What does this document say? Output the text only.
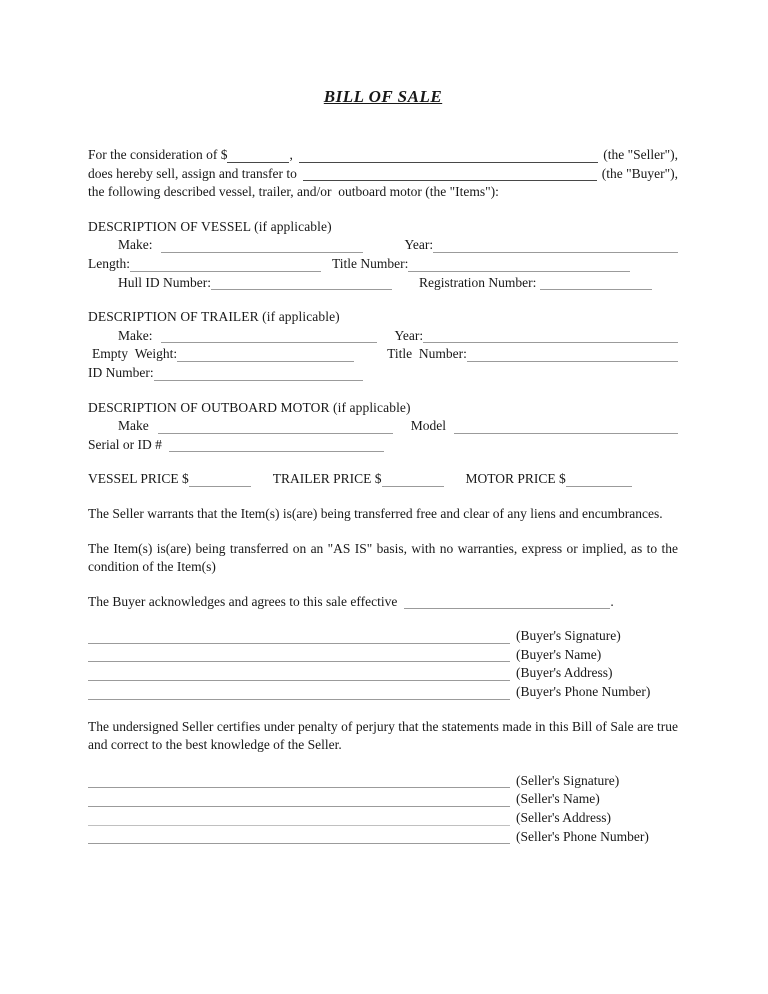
BILL OF SALE
For the consideration of $	,	(the "Seller"),
does hereby sell, assign and transfer to	(the "Buyer"),
the following described vessel, trailer, and/or  outboard motor (the "Items"):
DESCRIPTION OF VESSEL (if applicable)
Make:	Year:
Length:	Title Number:
Hull ID Number:	Registration Number:
DESCRIPTION OF TRAILER (if applicable)
Make:	Year:
Empty  Weight:	Title  Number:
ID Number:
DESCRIPTION OF OUTBOARD MOTOR (if applicable)
Make	Model
Serial or ID #
VESSEL PRICE $	TRAILER PRICE $	MOTOR PRICE $
The Seller warrants that the Item(s) is(are) being transferred free and clear of any liens and encumbrances.
The Item(s) is(are) being transferred on an "AS IS" basis, with no warranties, express or implied, as to the condition of the Item(s)
The Buyer acknowledges and agrees to this sale effective	.
(Buyer's Signature)
(Buyer's Name)
(Buyer's Address)
(Buyer's Phone Number)
The undersigned Seller certifies under penalty of perjury that the statements made in this Bill of Sale are true and correct to the best knowledge of the Seller.
(Seller's Signature)
(Seller's Name)
(Seller's Address)
(Seller's Phone Number)
